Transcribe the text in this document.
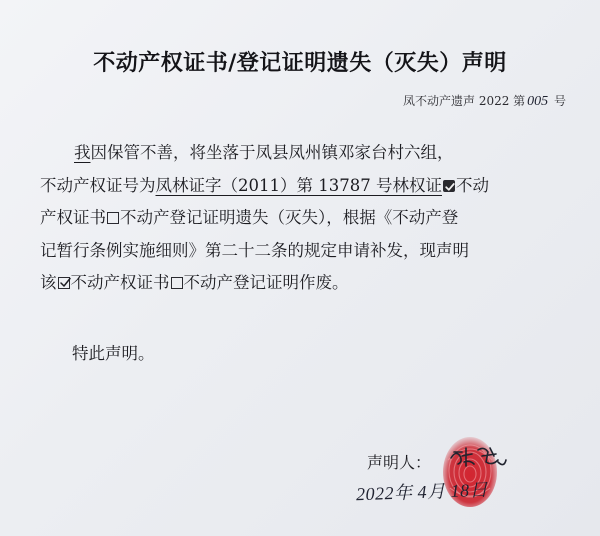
不动产权证书/登记证明遗失（灭失）声明
凤不动产遗声 2022 第 005 号
我因保管不善，将坐落于凤县凤州镇邓家台村六组，
不动产权证号为凤林证字（2011）第 13787 号林权证 不动
产权证书 不动产登记证明遗失（灭失），根据《不动产登
记暂行条例实施细则》第二十二条的规定申请补发，现声明
该 不动产权证书 不动产登记证明作废。
特此声明。
声明人：
2022年 4月 18日
